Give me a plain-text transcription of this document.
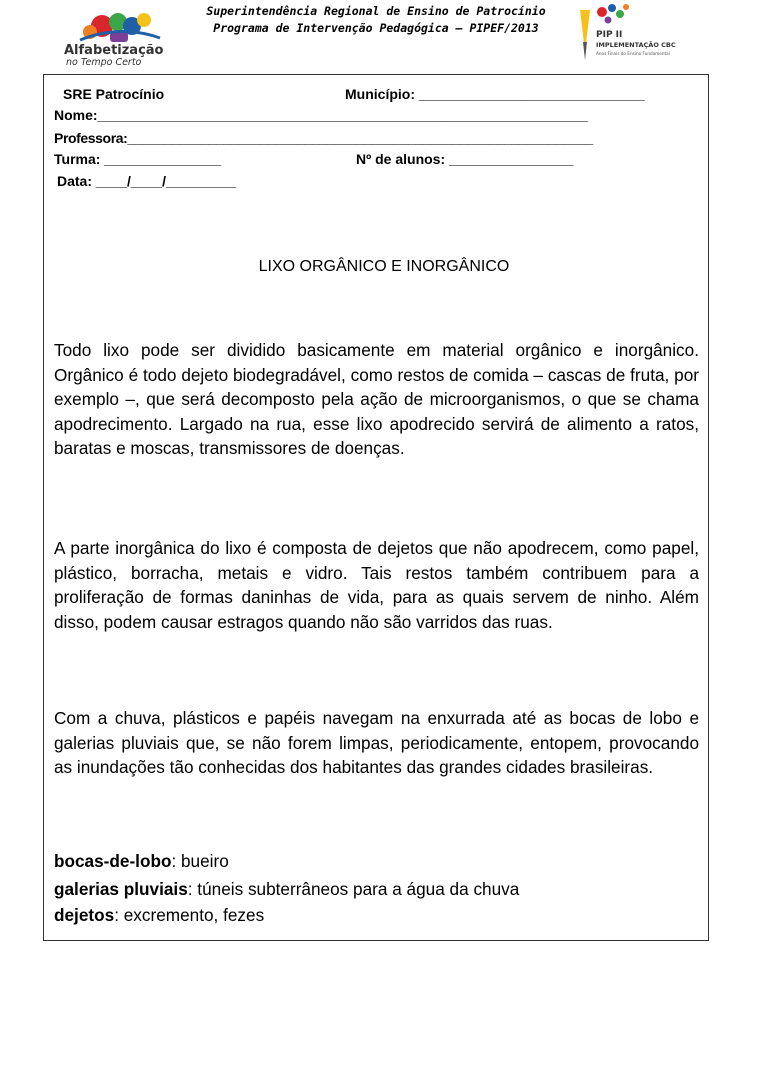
Alfabetização
no Tempo Certo
Superintendência Regional de Ensino de Patrocínio
Programa de Intervenção Pedagógica – PIPEF/2013	PIP II
IMPLEMENTAÇÃO CBC
Anos Finais do Ensino Fundamental
SRE Patrocínio	Município: _____________________________
Nome:_______________________________________________________________
Professora:_______________________________________________________________
Turma: _______________	Nº de alunos: ________________
Data: ____/____/_________
LIXO ORGÂNICO E INORGÂNICO
Todo lixo pode ser dividido basicamente em material orgânico e inorgânico. Orgânico é todo dejeto biodegradável, como restos de comida – cascas de fruta, por exemplo –, que será decomposto pela ação de microorganismos, o que se chama apodrecimento. Largado na rua, esse lixo apodrecido servirá de alimento a ratos, baratas e moscas, transmissores de doenças.
A parte inorgânica do lixo é composta de dejetos que não apodrecem, como papel, plástico, borracha, metais e vidro. Tais restos também contribuem para a proliferação de formas daninhas de vida, para as quais servem de ninho. Além disso, podem causar estragos quando não são varridos das ruas.
Com a chuva, plásticos e papéis navegam na enxurrada até as bocas de lobo e galerias pluviais que, se não forem limpas, periodicamente, entopem, provocando as inundações tão conhecidas dos habitantes das grandes cidades brasileiras.
bocas-de-lobo: bueiro
galerias pluviais: túneis subterrâneos para a água da chuva
dejetos: excremento, fezes
